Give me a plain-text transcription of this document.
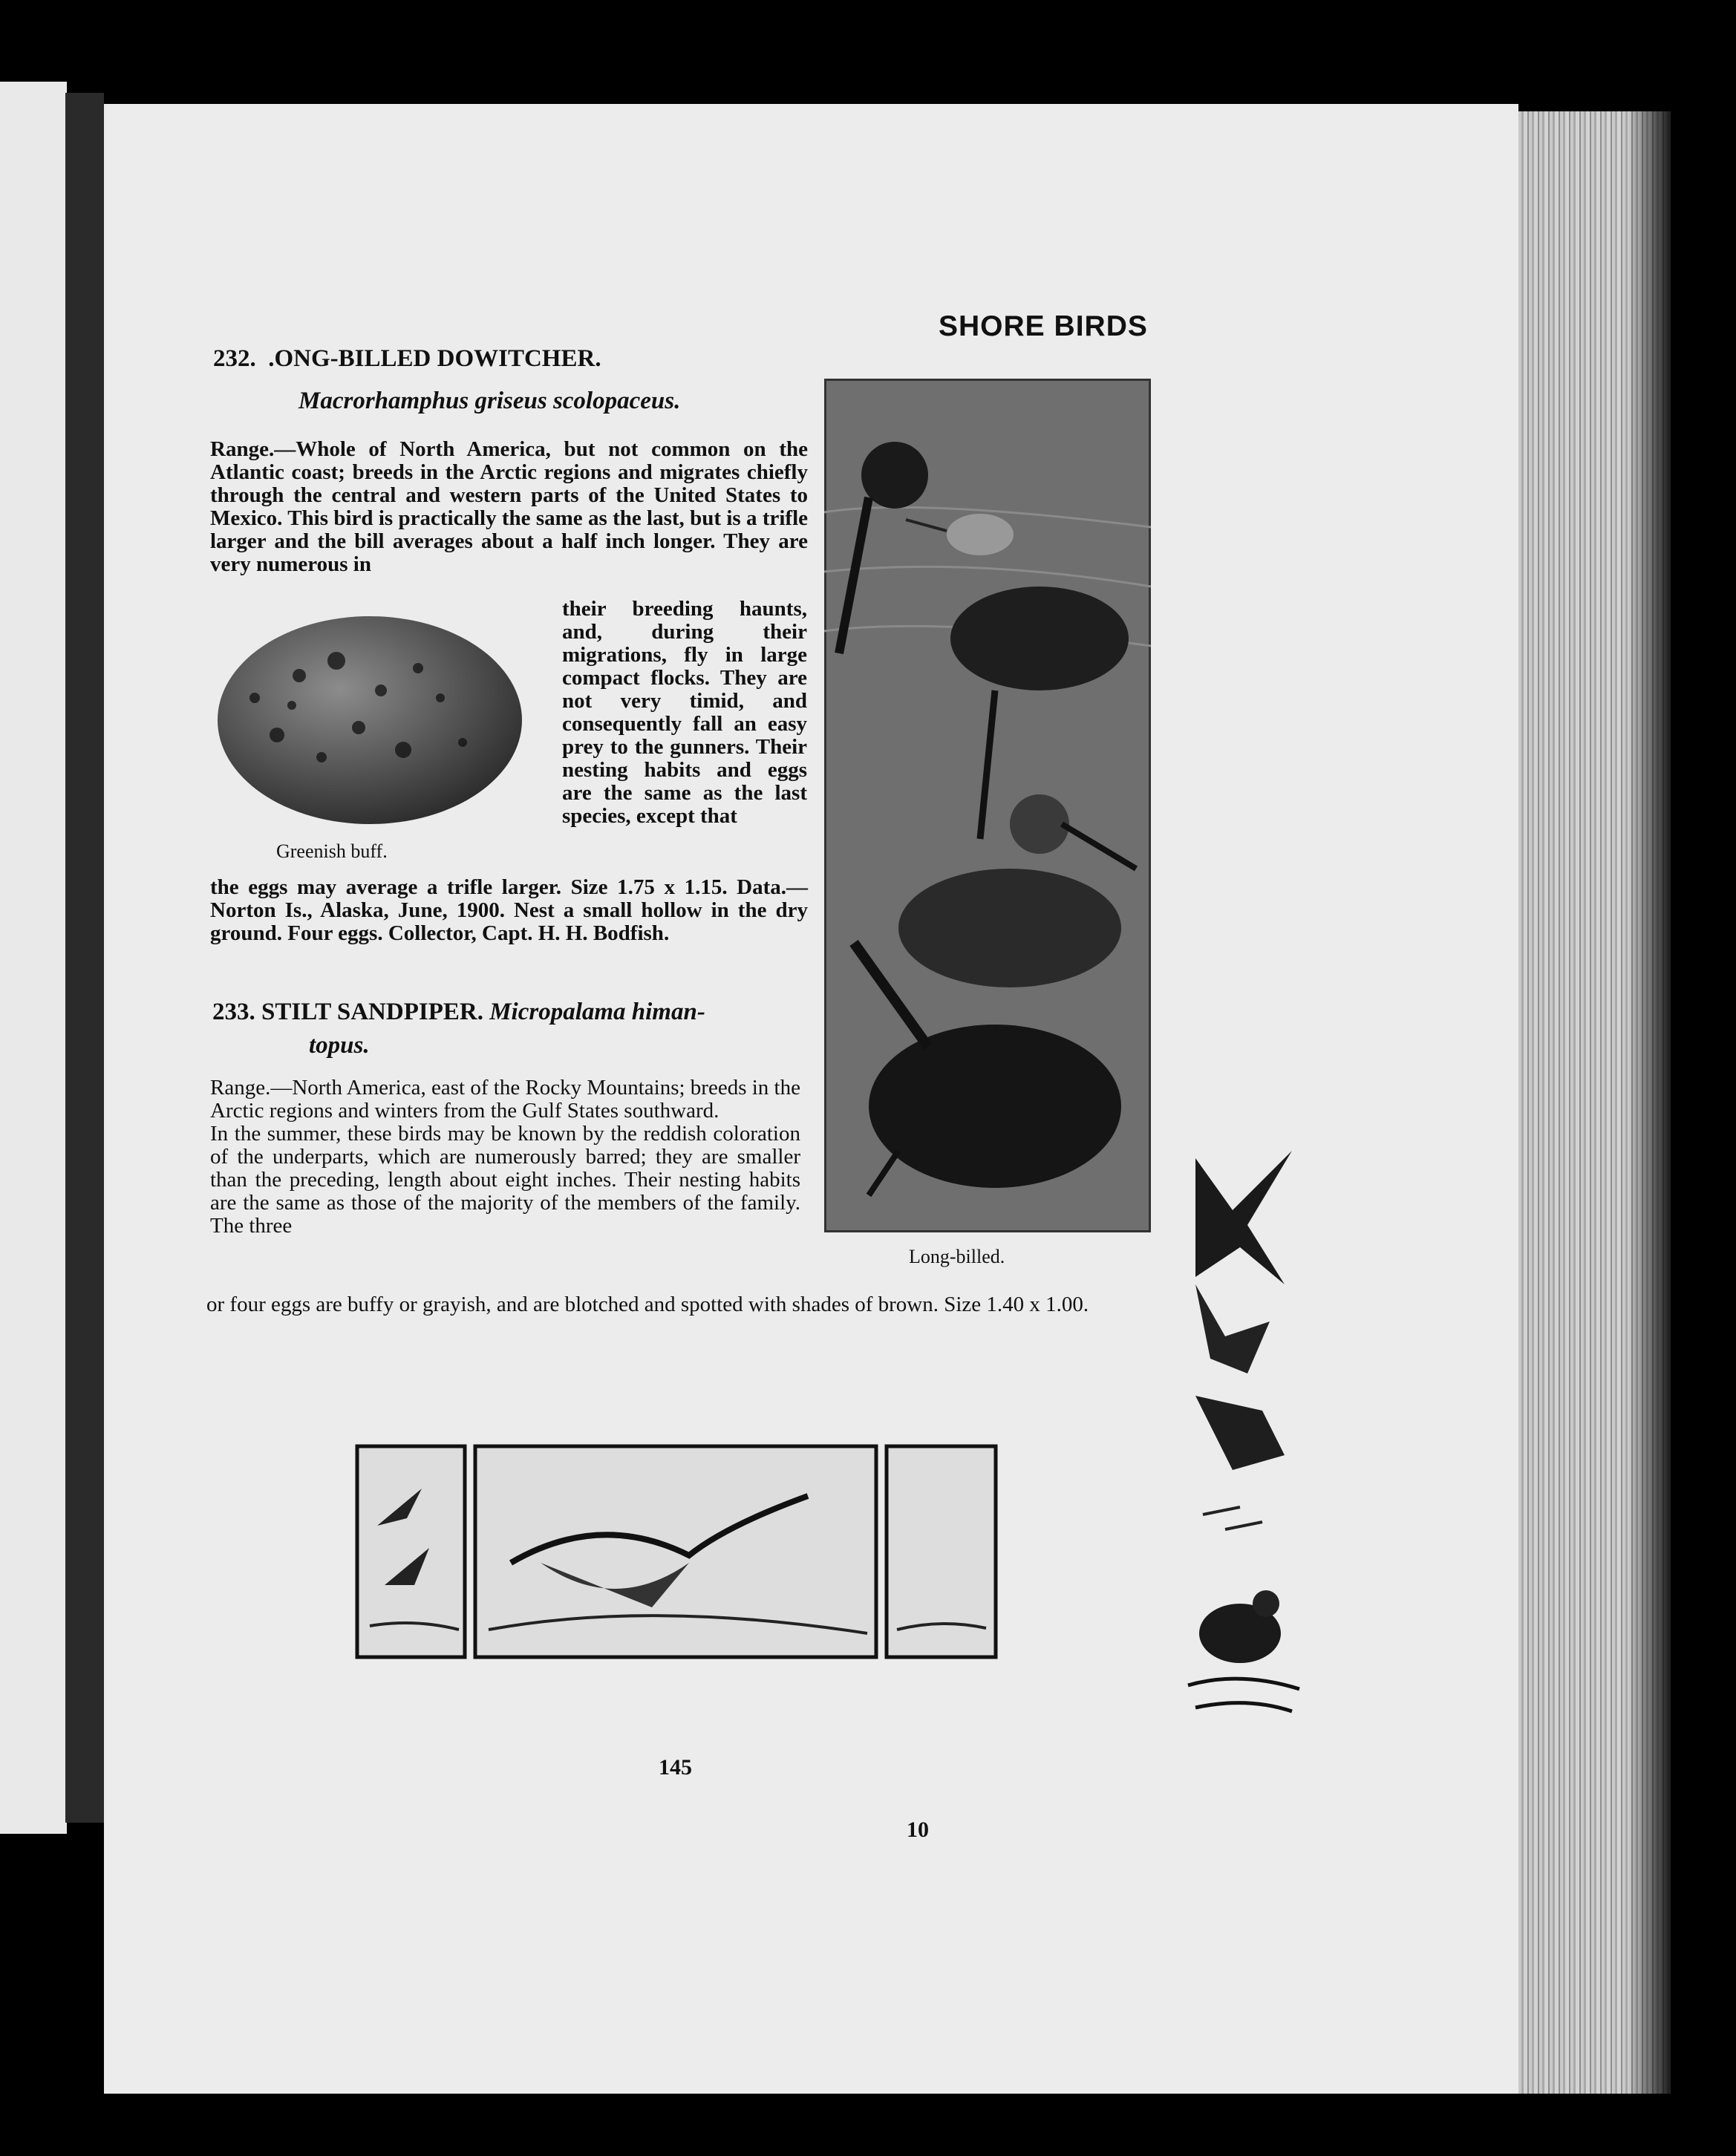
SHORE BIRDS
232.  .ONG-BILLED DOWITCHER.
Macrorhamphus griseus scolopaceus.
Range.—Whole of North America, but not common on the Atlantic coast; breeds in the Arctic regions and migrates chiefly through the central and western parts of the United States to Mexico. This bird is practically the same as the last, but is a trifle larger and the bill averages about a half inch longer. They are very numerous in
their breeding haunts, and, during their migrations, fly in large compact flocks. They are not very timid, and consequently fall an easy prey to the gunners. Their nesting habits and eggs are the same as the last species, except that
Greenish buff.
the eggs may average a trifle larger. Size 1.75 x 1.15. Data.—Norton Is., Alaska, June, 1900. Nest a small hollow in the dry ground. Four eggs. Collector, Capt. H. H. Bodfish.
Long-billed.
233. STILT SANDPIPER. Micropalama himan-
topus.
Range.—North America, east of the Rocky Mountains; breeds in the Arctic regions and winters from the Gulf States southward.
In the summer, these birds may be known by the reddish coloration of the underparts, which are numerously barred; they are smaller than the preceding, length about eight inches. Their nesting habits are the same as those of the majority of the members of the family. The three
or four eggs are buffy or grayish, and are blotched and spotted with shades of brown. Size 1.40 x 1.00.
145
10
